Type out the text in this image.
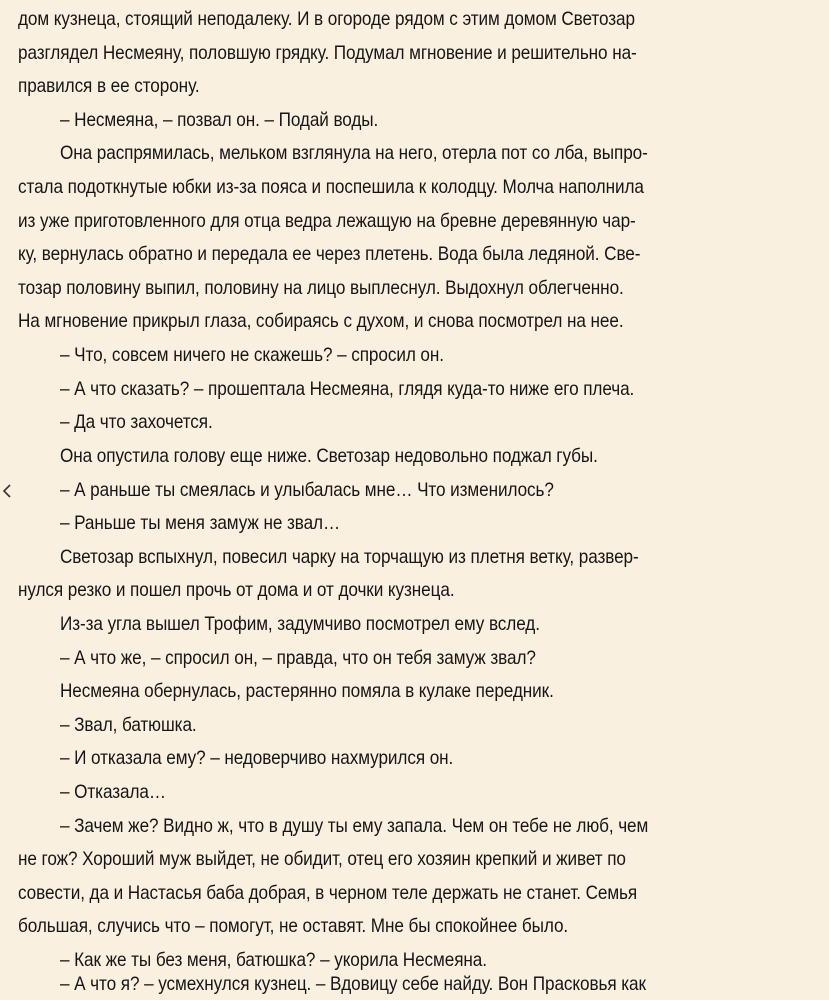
дом кузнеца, стоящий неподалеку. И в огороде рядом с этим домом Светозар
разглядел Несмеяну, половшую грядку. Подумал мгновение и решительно на-
правился в ее сторону.
– Несмеяна, – позвал он. – Подай воды.
Она распрямилась, мельком взглянула на него, отерла пот со лба, выпро-
стала подоткнутые юбки из-за пояса и поспешила к колодцу. Молча наполнила
из уже приготовленного для отца ведра лежащую на бревне деревянную чар-
ку, вернулась обратно и передала ее через плетень. Вода была ледяной. Све-
тозар половину выпил, половину на лицо выплеснул. Выдохнул облегченно.
На мгновение прикрыл глаза, собираясь с духом, и снова посмотрел на нее.
– Что, совсем ничего не скажешь? – спросил он.
– А что сказать? – прошептала Несмеяна, глядя куда-то ниже его плеча.
– Да что захочется.
Она опустила голову еще ниже. Светозар недовольно поджал губы.
– А раньше ты смеялась и улыбалась мне… Что изменилось?
– Раньше ты меня замуж не звал…
Светозар вспыхнул, повесил чарку на торчащую из плетня ветку, развер-
нулся резко и пошел прочь от дома и от дочки кузнеца.
Из-за угла вышел Трофим, задумчиво посмотрел ему вслед.
– А что же, – спросил он, – правда, что он тебя замуж звал?
Несмеяна обернулась, растерянно помяла в кулаке передник.
– Звал, батюшка.
– И отказала ему? – недоверчиво нахмурился он.
– Отказала…
– Зачем же? Видно ж, что в душу ты ему запала. Чем он тебе не люб, чем
не гож? Хороший муж выйдет, не обидит, отец его хозяин крепкий и живет по
совести, да и Настасья баба добрая, в черном теле держать не станет. Семья
большая, случись что – помогут, не оставят. Мне бы спокойнее было.
– Как же ты без меня, батюшка? – укорила Несмеяна.
– А что я? – усмехнулся кузнец. – Вдовицу себе найду. Вон Прасковья как
